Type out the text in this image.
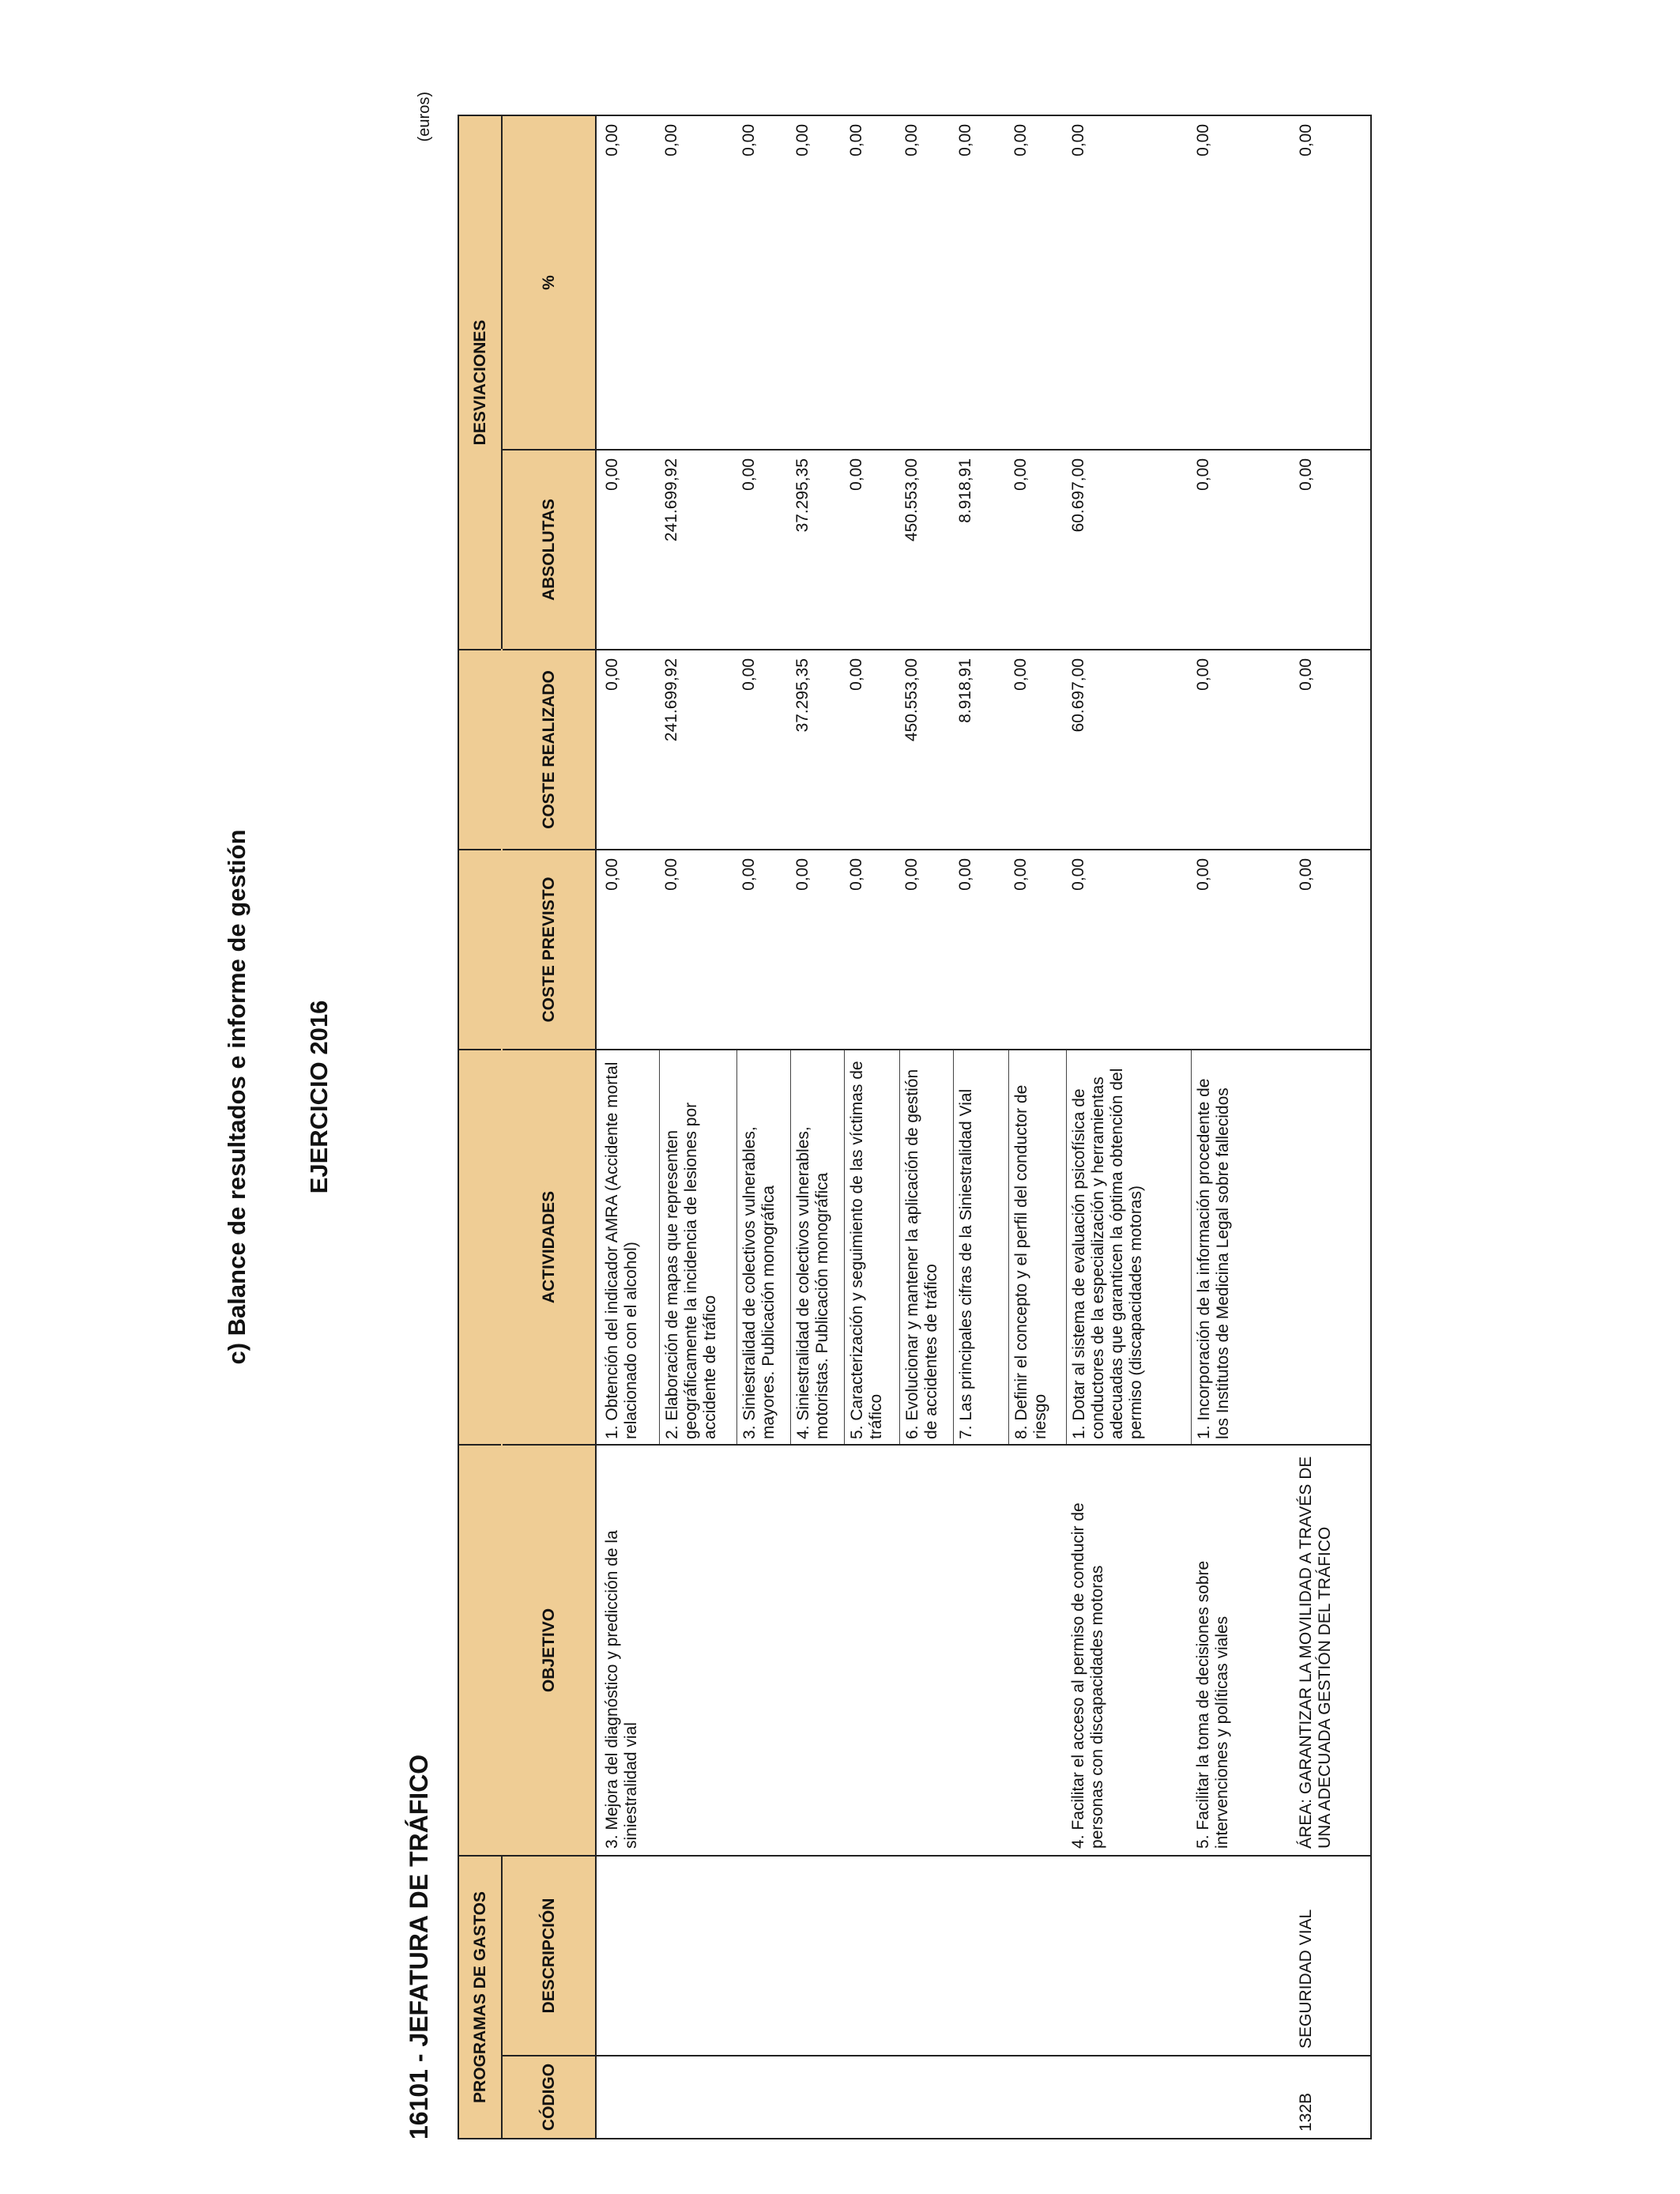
c) Balance de resultados e informe de gestión EJERCICIO 2016
16101 - JEFATURA DE TRÁFICO
(euros)
PROGRAMAS DE GASTOS						DESVIACIONES	
CÓDIGO	DESCRIPCIÓN	OBJETIVO	ACTIVIDADES	COSTE PREVISTO	COSTE REALIZADO	ABSOLUTAS	%
		3. Mejora del diagnóstico y predicción de la siniestralidad vial	1. Obtención del indicador AMRA (Accidente mortal relacionado con el alcohol)	0,00	0,00	0,00	0,00
			2. Elaboración de mapas que representen geográficamente la incidencia de lesiones por accidente de tráfico	0,00	241.699,92	241.699,92	0,00
			3. Siniestralidad de colectivos vulnerables, mayores. Publicación monográfica	0,00	0,00	0,00	0,00
			4. Siniestralidad de colectivos vulnerables, motoristas. Publicación monográfica	0,00	37.295,35	37.295,35	0,00
			5. Caracterización y seguimiento de las víctimas de tráfico	0,00	0,00	0,00	0,00
			6. Evolucionar y mantener la aplicación de gestión de accidentes de tráfico	0,00	450.553,00	450.553,00	0,00
			7. Las principales cifras de la Siniestralidad Vial	0,00	8.918,91	8.918,91	0,00
			8. Definir el concepto y el perfil del conductor de riesgo	0,00	0,00	0,00	0,00
		4. Facilitar el acceso al permiso de conducir de personas con discapacidades motoras	1. Dotar al sistema de evaluación psicofísica de conductores de la especialización y herramientas adecuadas que garanticen la óptima obtención del permiso (discapacidades motoras)	0,00	60.697,00	60.697,00	0,00
		5. Facilitar la toma de decisiones sobre intervenciones y políticas viales	1. Incorporación de la información procedente de los Institutos de Medicina Legal sobre fallecidos	0,00	0,00	0,00	0,00
132B	SEGURIDAD VIAL	ÁREA: GARANTIZAR LA MOVILIDAD A TRAVÉS DE UNA ADECUADA GESTIÓN DEL TRÁFICO		0,00	0,00	0,00	0,00
